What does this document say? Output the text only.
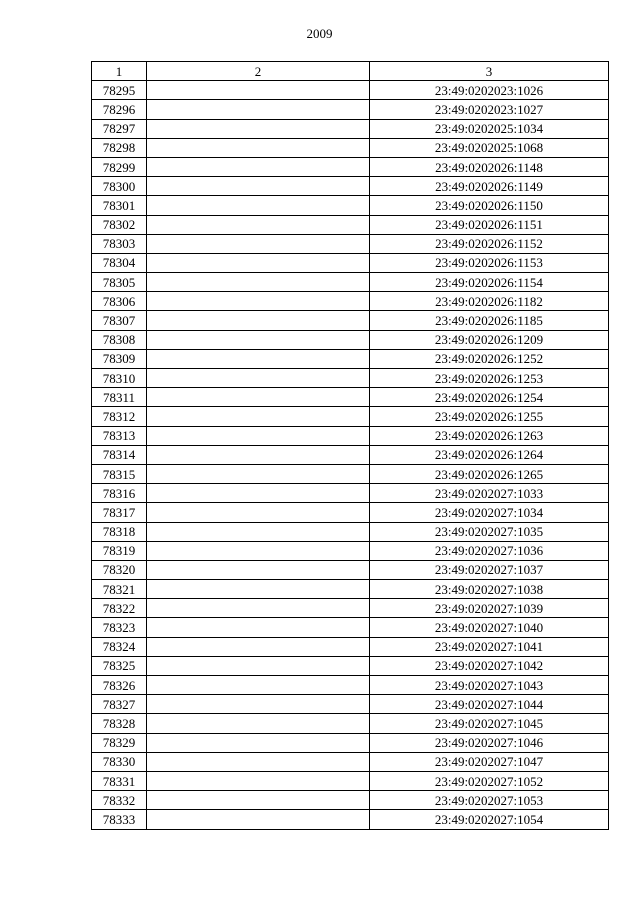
2009
1	2	3
78295		23:49:0202023:1026
78296		23:49:0202023:1027
78297		23:49:0202025:1034
78298		23:49:0202025:1068
78299		23:49:0202026:1148
78300		23:49:0202026:1149
78301		23:49:0202026:1150
78302		23:49:0202026:1151
78303		23:49:0202026:1152
78304		23:49:0202026:1153
78305		23:49:0202026:1154
78306		23:49:0202026:1182
78307		23:49:0202026:1185
78308		23:49:0202026:1209
78309		23:49:0202026:1252
78310		23:49:0202026:1253
78311		23:49:0202026:1254
78312		23:49:0202026:1255
78313		23:49:0202026:1263
78314		23:49:0202026:1264
78315		23:49:0202026:1265
78316		23:49:0202027:1033
78317		23:49:0202027:1034
78318		23:49:0202027:1035
78319		23:49:0202027:1036
78320		23:49:0202027:1037
78321		23:49:0202027:1038
78322		23:49:0202027:1039
78323		23:49:0202027:1040
78324		23:49:0202027:1041
78325		23:49:0202027:1042
78326		23:49:0202027:1043
78327		23:49:0202027:1044
78328		23:49:0202027:1045
78329		23:49:0202027:1046
78330		23:49:0202027:1047
78331		23:49:0202027:1052
78332		23:49:0202027:1053
78333		23:49:0202027:1054
